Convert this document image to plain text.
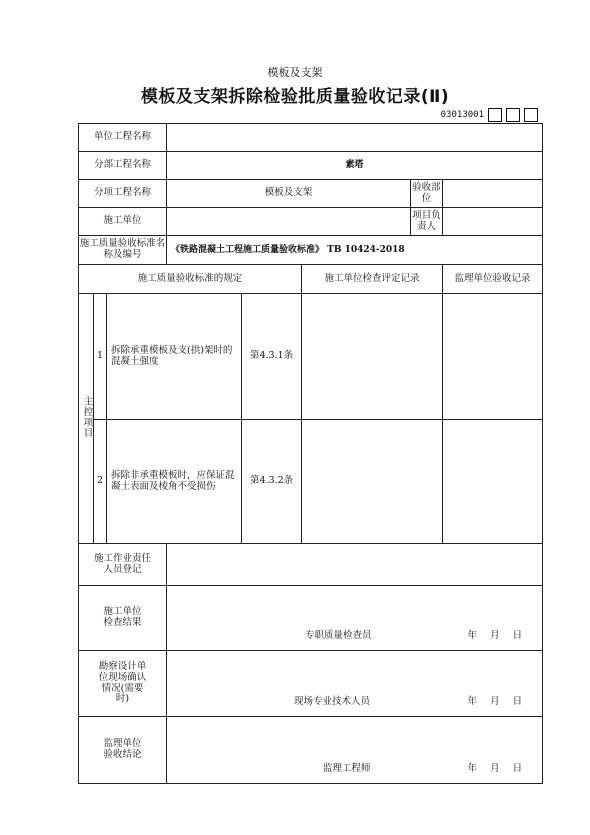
模板及支架
模板及支架拆除检验批质量验收记录(Ⅱ)
03013001
单位工程名称							
分部工程名称			素塔				
分项工程名称			模板及支架			验收部位	
施工单位						项目负责人	
施工质量验收标准名称及编号			《铁路混凝土工程施工质量验收标准》 TB 10424-2018				
施工质量验收标准的规定					施工单位检查评定记录		监理单位验收记录
主控项目	1	拆除承重模板及支(拱)架时的混凝土强度		第4.3.1条			
	2	拆除非承重模板时，应保证混凝土表面及棱角不受损伤		第4.3.2条			
施工作业责任人员登记							
施工单位检查结果			专职质量检查员 年 月 日				

勘察设计单位现场确认情况(需要时)			现场专业技术人员 年 月 日				

监理单位验收结论			监理工程师 年 月 日				
